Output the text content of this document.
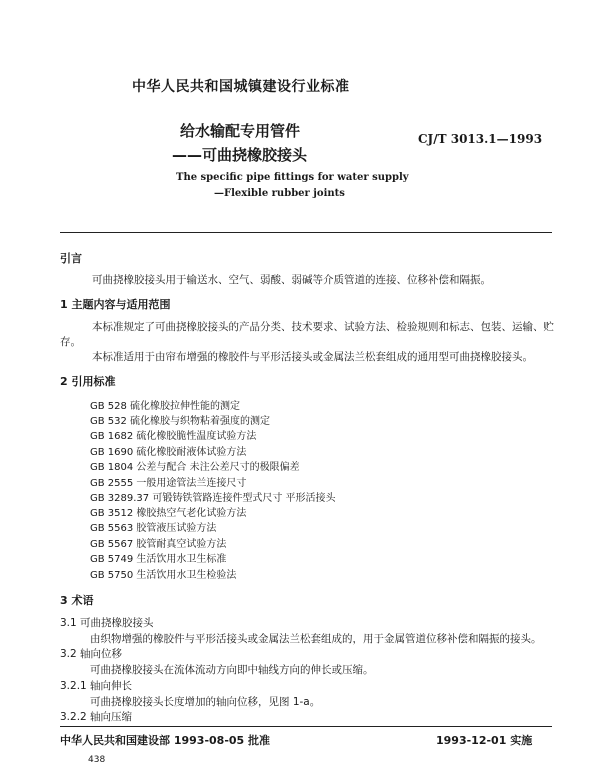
中华人民共和国城镇建设行业标准
给水输配专用管件
——可曲挠橡胶接头
CJ/T 3013.1—1993
The specific pipe fittings for water supply
—Flexible rubber joints
引言
可曲挠橡胶接头用于输送水、空气、弱酸、弱碱等介质管道的连接、位移补偿和隔振。
1 主题内容与适用范围
本标准规定了可曲挠橡胶接头的产品分类、技术要求、试验方法、检验规则和标志、包装、运输、贮
存。
本标准适用于由帘布增强的橡胶件与平形活接头或金属法兰松套组成的通用型可曲挠橡胶接头。
2 引用标准
GB 528 硫化橡胶拉伸性能的测定
GB 532 硫化橡胶与织物粘着强度的测定
GB 1682 硫化橡胶脆性温度试验方法
GB 1690 硫化橡胶耐液体试验方法
GB 1804 公差与配合 未注公差尺寸的极限偏差
GB 2555 一般用途管法兰连接尺寸
GB 3289.37 可锻铸铁管路连接件型式尺寸 平形活接头
GB 3512 橡胶热空气老化试验方法
GB 5563 胶管液压试验方法
GB 5567 胶管耐真空试验方法
GB 5749 生活饮用水卫生标准
GB 5750 生活饮用水卫生检验法
3 术语
3.1 可曲挠橡胶接头
由织物增强的橡胶件与平形活接头或金属法兰松套组成的，用于金属管道位移补偿和隔振的接头。
3.2 轴向位移
可曲挠橡胶接头在流体流动方向即中轴线方向的伸长或压缩。
3.2.1 轴向伸长
可曲挠橡胶接头长度增加的轴向位移，见图 1-a。
3.2.2 轴向压缩
中华人民共和国建设部 1993-08-05 批准	1993-12-01 实施
438
